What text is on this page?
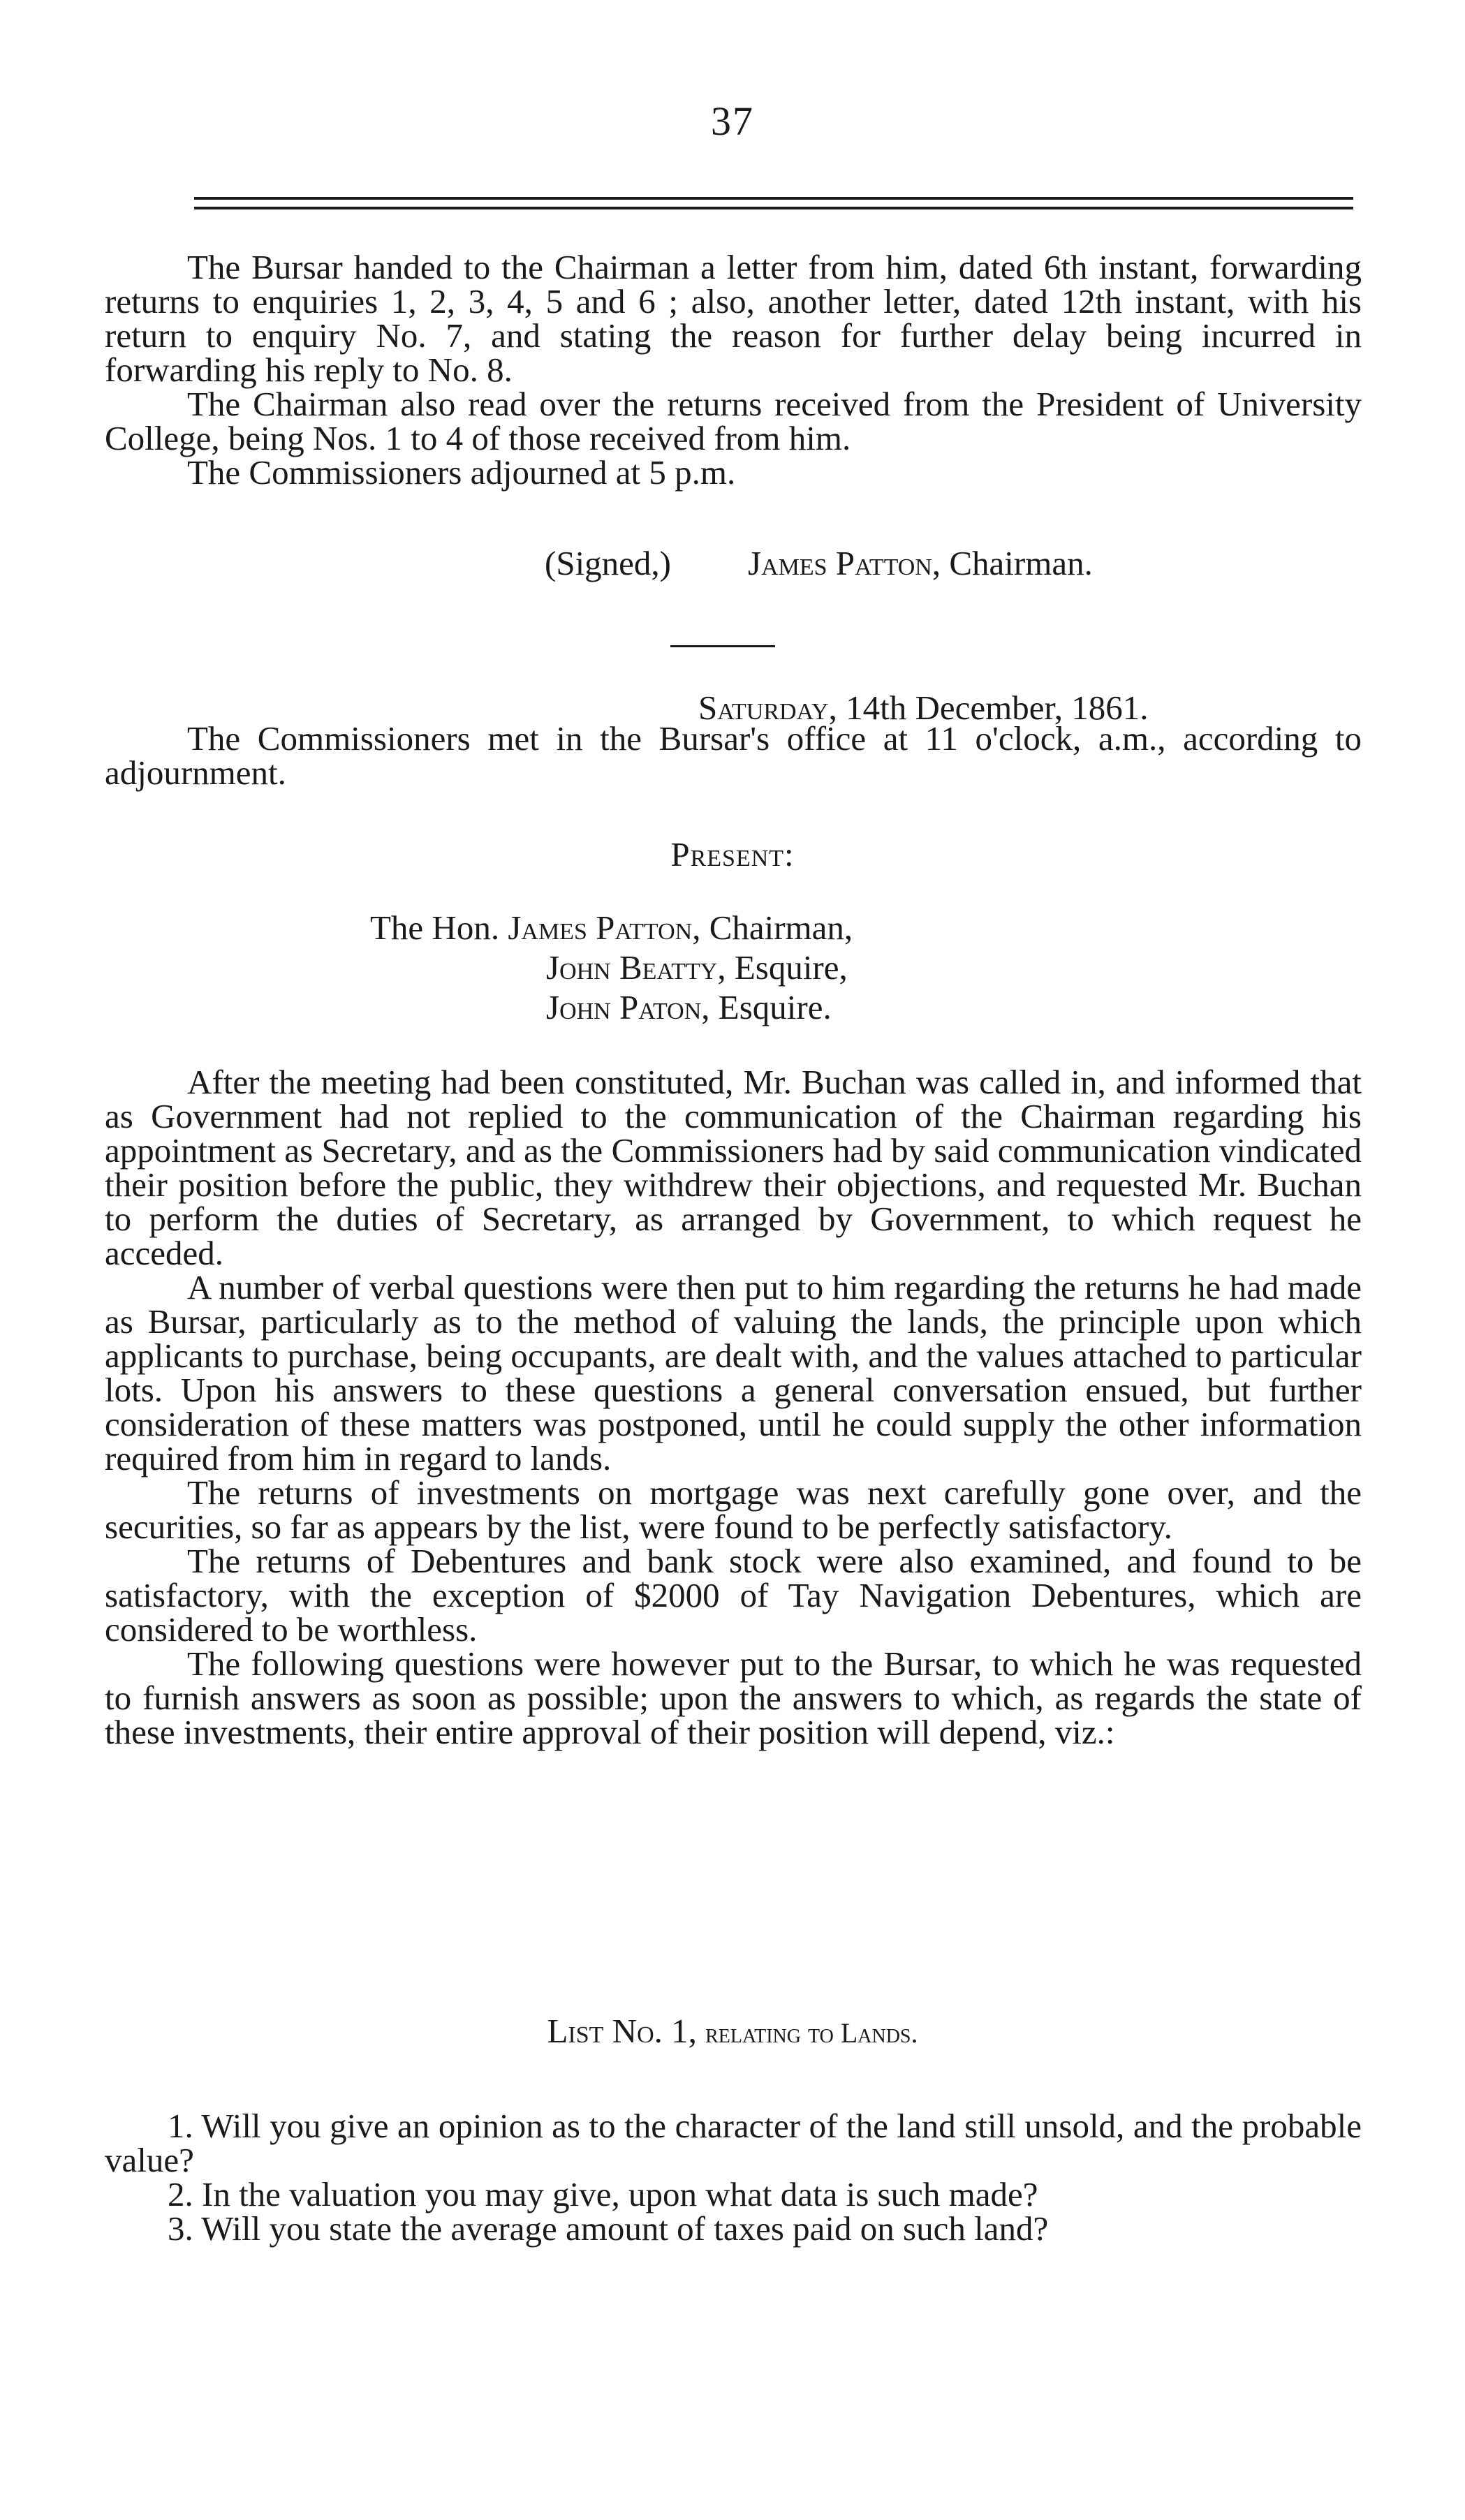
37

The Bursar handed to the Chairman a letter from him, dated 6th instant, forwarding returns to enquiries 1, 2, 3, 4, 5 and 6 ; also, another letter, dated 12th instant, with his return to enquiry No. 7, and stating the reason for further delay being incurred in forwarding his reply to No. 8.

The Chairman also read over the returns received from the President of University College, being Nos. 1 to 4 of those received from him.

The Commissioners adjourned at 5 p.m.

(Signed,) James Patton, Chairman.
Saturday, 14th December, 1861.

The Commissioners met in the Bursar's office at 11 o'clock, a.m., according to adjournment.

Present:
The Hon. James Patton, Chairman,
John Beatty, Esquire,
John Paton, Esquire.

After the meeting had been constituted, Mr. Buchan was called in, and informed that as Government had not replied to the communication of the Chairman regarding his appointment as Secretary, and as the Commissioners had by said communication vindicated their position before the public, they withdrew their objections, and requested Mr. Buchan to perform the duties of Secretary, as arranged by Government, to which request he acceded.

A number of verbal questions were then put to him regarding the returns he had made as Bursar, particularly as to the method of valuing the lands, the principle upon which applicants to purchase, being occupants, are dealt with, and the values attached to particular lots. Upon his answers to these questions a general conversation ensued, but further consideration of these matters was postponed, until he could supply the other information required from him in regard to lands.

The returns of investments on mortgage was next carefully gone over, and the securities, so far as appears by the list, were found to be perfectly satisfactory.

The returns of Debentures and bank stock were also examined, and found to be satisfactory, with the exception of $2000 of Tay Navigation Debentures, which are considered to be worthless.

The following questions were however put to the Bursar, to which he was requested to furnish answers as soon as possible; upon the answers to which, as regards the state of these investments, their entire approval of their position will depend, viz.:

List No. 1, relating to Lands.

1. Will you give an opinion as to the character of the land still unsold, and the probable value?

2. In the valuation you may give, upon what data is such made?

3. Will you state the average amount of taxes paid on such land?
